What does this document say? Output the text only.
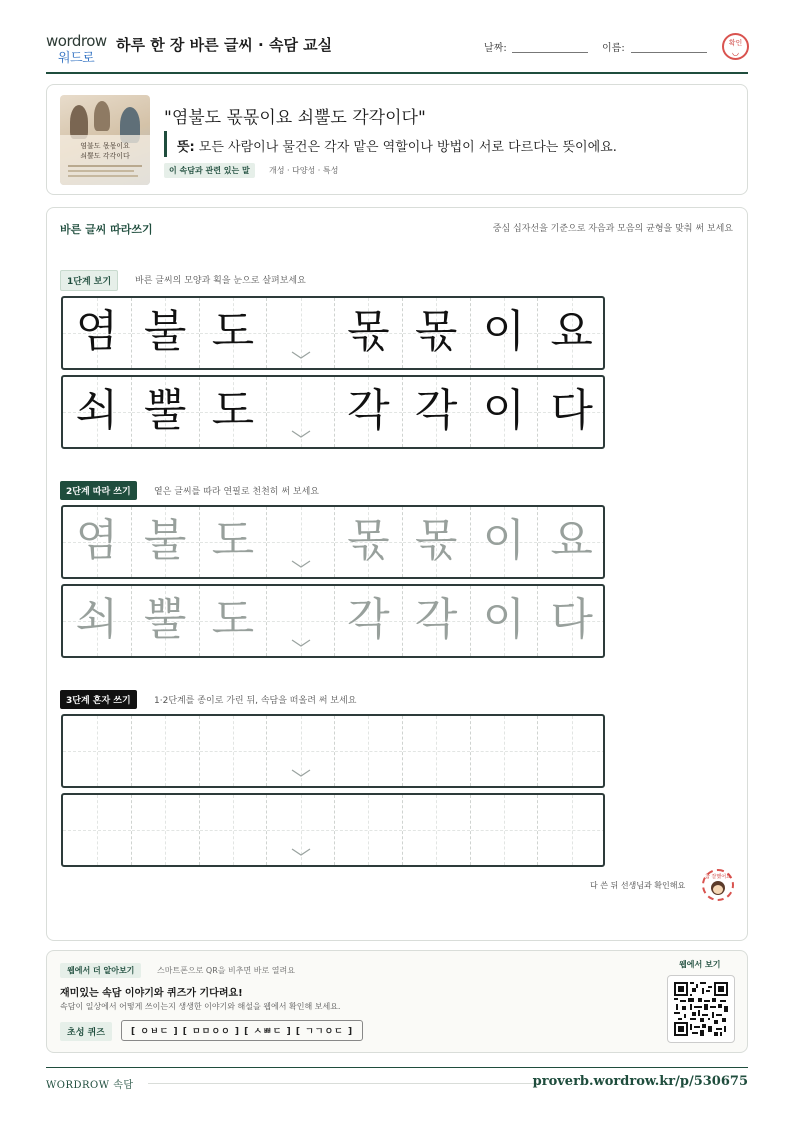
wordrow
워드로
하루 한 장 바른 글씨 · 속담 교실	날짜:	이름:	확인
◡
염불도 몫몫이요
쇠뿔도 각각이다
"염불도 몫몫이요 쇠뿔도 각각이다"
뜻: 모든 사람이나 물건은 각자 맡은 역할이나 방법이 서로 다르다는 뜻이에요.
이 속담과 관련 있는 말	개성 · 다양성 · 특성
바른 글씨 따라쓰기	중심 십자선을 기준으로 자음과 모음의 균형을 맞춰 써 보세요
1단계 보기	바른 글씨의 모양과 획을 눈으로 살펴보세요
염 불 도 몫 몫 이 요
쇠 뿔 도 각 각 이 다
2단계 따라 쓰기	옅은 글씨를 따라 연필로 천천히 써 보세요
염 불 도 몫 몫 이 요
쇠 뿔 도 각 각 이 다
3단계 혼자 쓰기	1·2단계를 종이로 가린 뒤, 속담을 떠올려 써 보세요
다 쓴 뒤 선생님과 확인해요
참 잘했어요
웹에서 더 알아보기	스마트폰으로 QR을 비추면 바로 열려요
재미있는 속담 이야기와 퀴즈가 기다려요!
속담이 일상에서 어떻게 쓰이는지 생생한 이야기와 해설을 웹에서 확인해 보세요.
초성 퀴즈	[ ㅇㅂㄷ ] [ ㅁㅁㅇㅇ ] [ ㅅㅃㄷ ] [ ㄱㄱㅇㄷ ]
웹에서 보기
WORDROW 속담	proverb.wordrow.kr/p/530675
